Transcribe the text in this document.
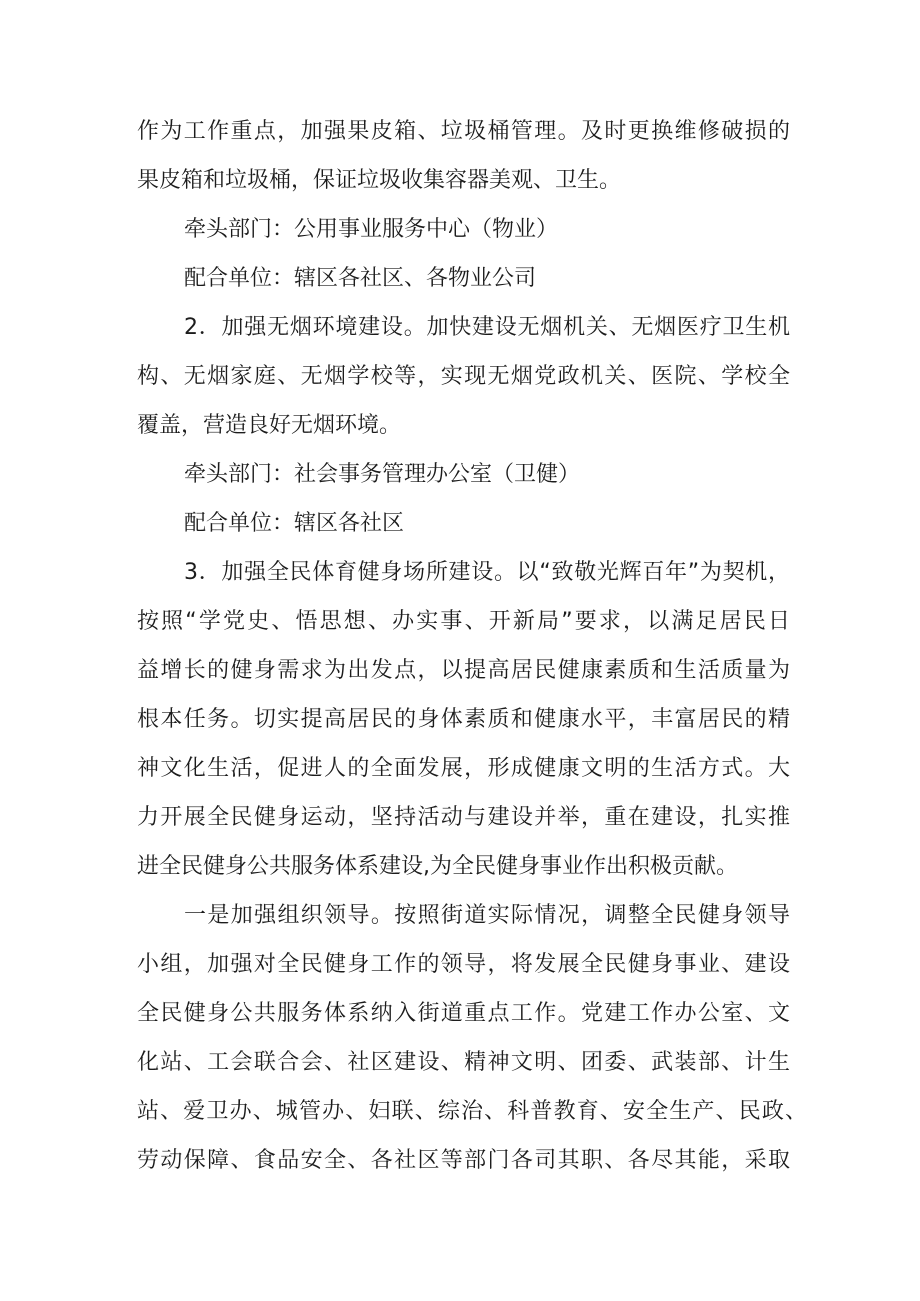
作为工作重点，加强果皮箱、垃圾桶管理。及时更换维修破损的
果皮箱和垃圾桶，保证垃圾收集容器美观、卫生。
牵头部门：公用事业服务中心（物业）
配合单位：辖区各社区、各物业公司
2．加强无烟环境建设。加快建设无烟机关、无烟医疗卫生机
构、无烟家庭、无烟学校等，实现无烟党政机关、医院、学校全
覆盖，营造良好无烟环境。
牵头部门：社会事务管理办公室（卫健）
配合单位：辖区各社区
3．加强全民体育健身场所建设。以“致敬光辉百年”为契机，
按照“学党史、悟思想、办实事、开新局”要求，以满足居民日
益增长的健身需求为出发点，以提高居民健康素质和生活质量为
根本任务。切实提高居民的身体素质和健康水平，丰富居民的精
神文化生活，促进人的全面发展，形成健康文明的生活方式。大
力开展全民健身运动，坚持活动与建设并举，重在建设，扎实推
进全民健身公共服务体系建设,为全民健身事业作出积极贡献。
一是加强组织领导。按照街道实际情况，调整全民健身领导
小组，加强对全民健身工作的领导，将发展全民健身事业、建设
全民健身公共服务体系纳入街道重点工作。党建工作办公室、文
化站、工会联合会、社区建设、精神文明、团委、武装部、计生
站、爱卫办、城管办、妇联、综治、科普教育、安全生产、民政、
劳动保障、食品安全、各社区等部门各司其职、各尽其能，采取
